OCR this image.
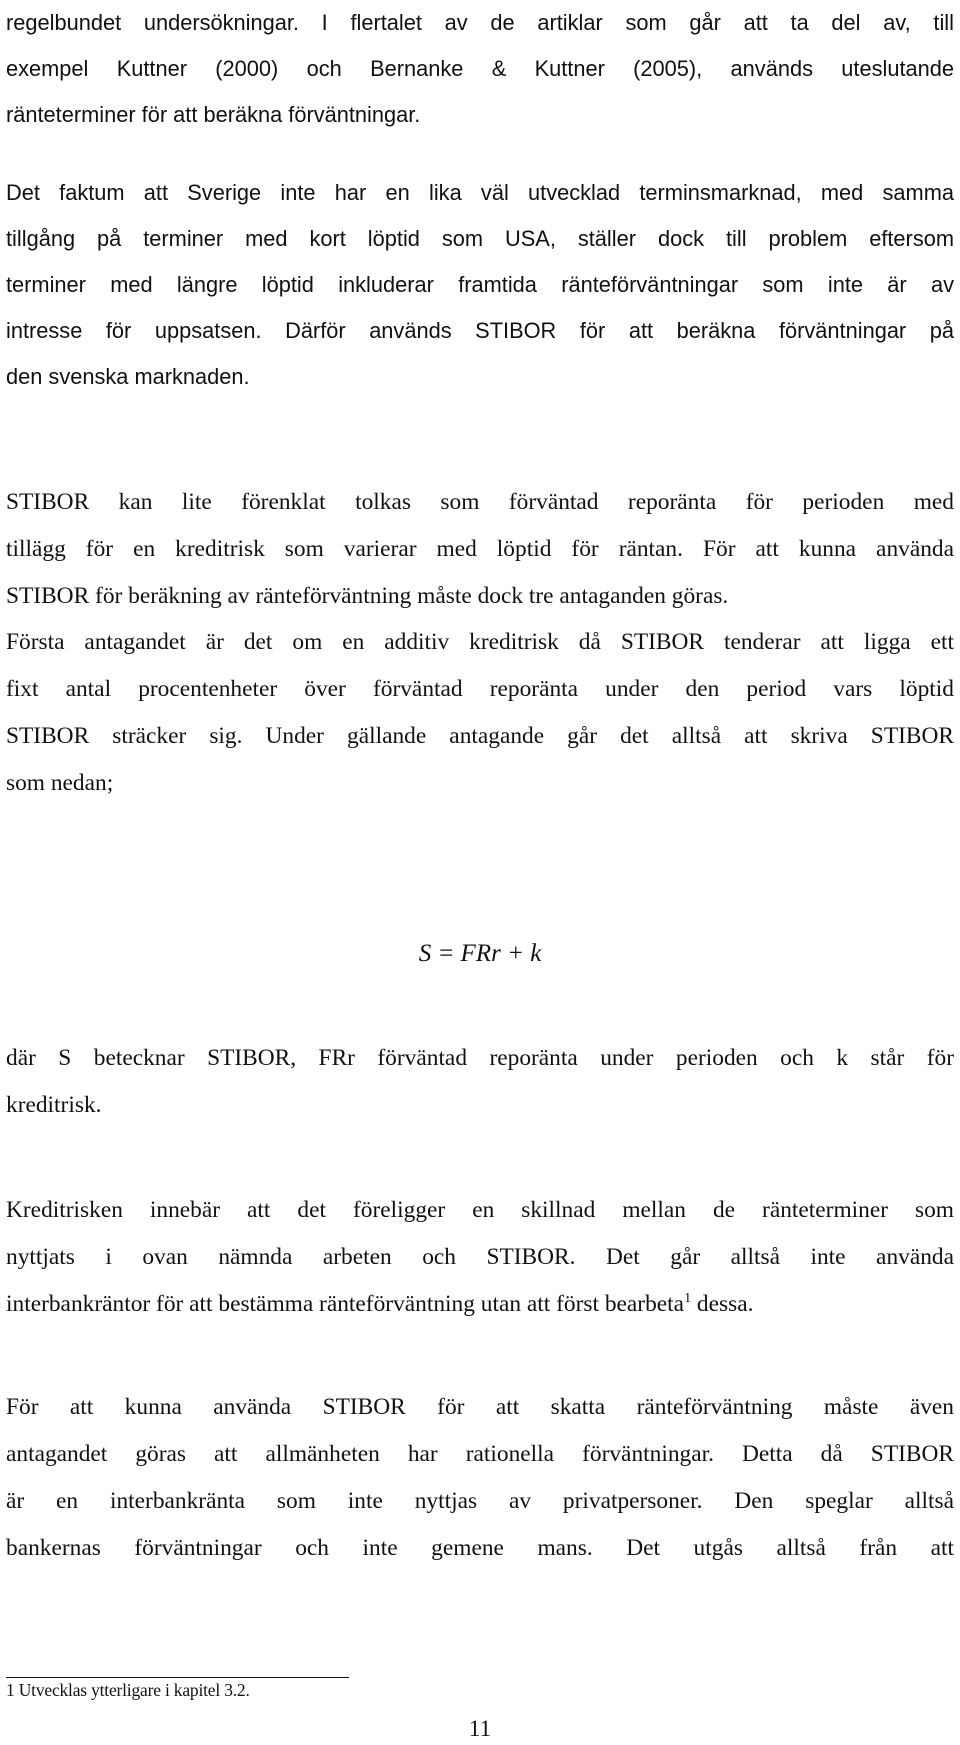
regelbundet undersökningar. I flertalet av de artiklar som går att ta del av, till
exempel Kuttner (2000) och Bernanke & Kuttner (2005), används uteslutande
ränteterminer för att beräkna förväntningar.
Det faktum att Sverige inte har en lika väl utvecklad terminsmarknad, med samma
tillgång på terminer med kort löptid som USA, ställer dock till problem eftersom
terminer med längre löptid inkluderar framtida ränteförväntningar som inte är av
intresse för uppsatsen. Därför används STIBOR för att beräkna förväntningar på
den svenska marknaden.
STIBOR kan lite förenklat tolkas som förväntad reporänta för perioden med
tillägg för en kreditrisk som varierar med löptid för räntan. För att kunna använda
STIBOR för beräkning av ränteförväntning måste dock tre antaganden göras.
Första antagandet är det om en additiv kreditrisk då STIBOR tenderar att ligga ett
fixt antal procentenheter över förväntad reporänta under den period vars löptid
STIBOR sträcker sig. Under gällande antagande går det alltså att skriva STIBOR
som nedan;
S = FRr + k
där S betecknar STIBOR, FRr förväntad reporänta under perioden och k står för
kreditrisk.
Kreditrisken innebär att det föreligger en skillnad mellan de ränteterminer som
nyttjats i ovan nämnda arbeten och STIBOR. Det går alltså inte använda
interbankräntor för att bestämma ränteförväntning utan att först bearbeta$^1$ dessa.
För att kunna använda STIBOR för att skatta ränteförväntning måste även
antagandet göras att allmänheten har rationella förväntningar. Detta då STIBOR
är en interbankränta som inte nyttjas av privatpersoner. Den speglar alltså
bankernas förväntningar och inte gemene mans. Det utgås alltså från att
1 Utvecklas ytterligare i kapitel 3.2.
11
